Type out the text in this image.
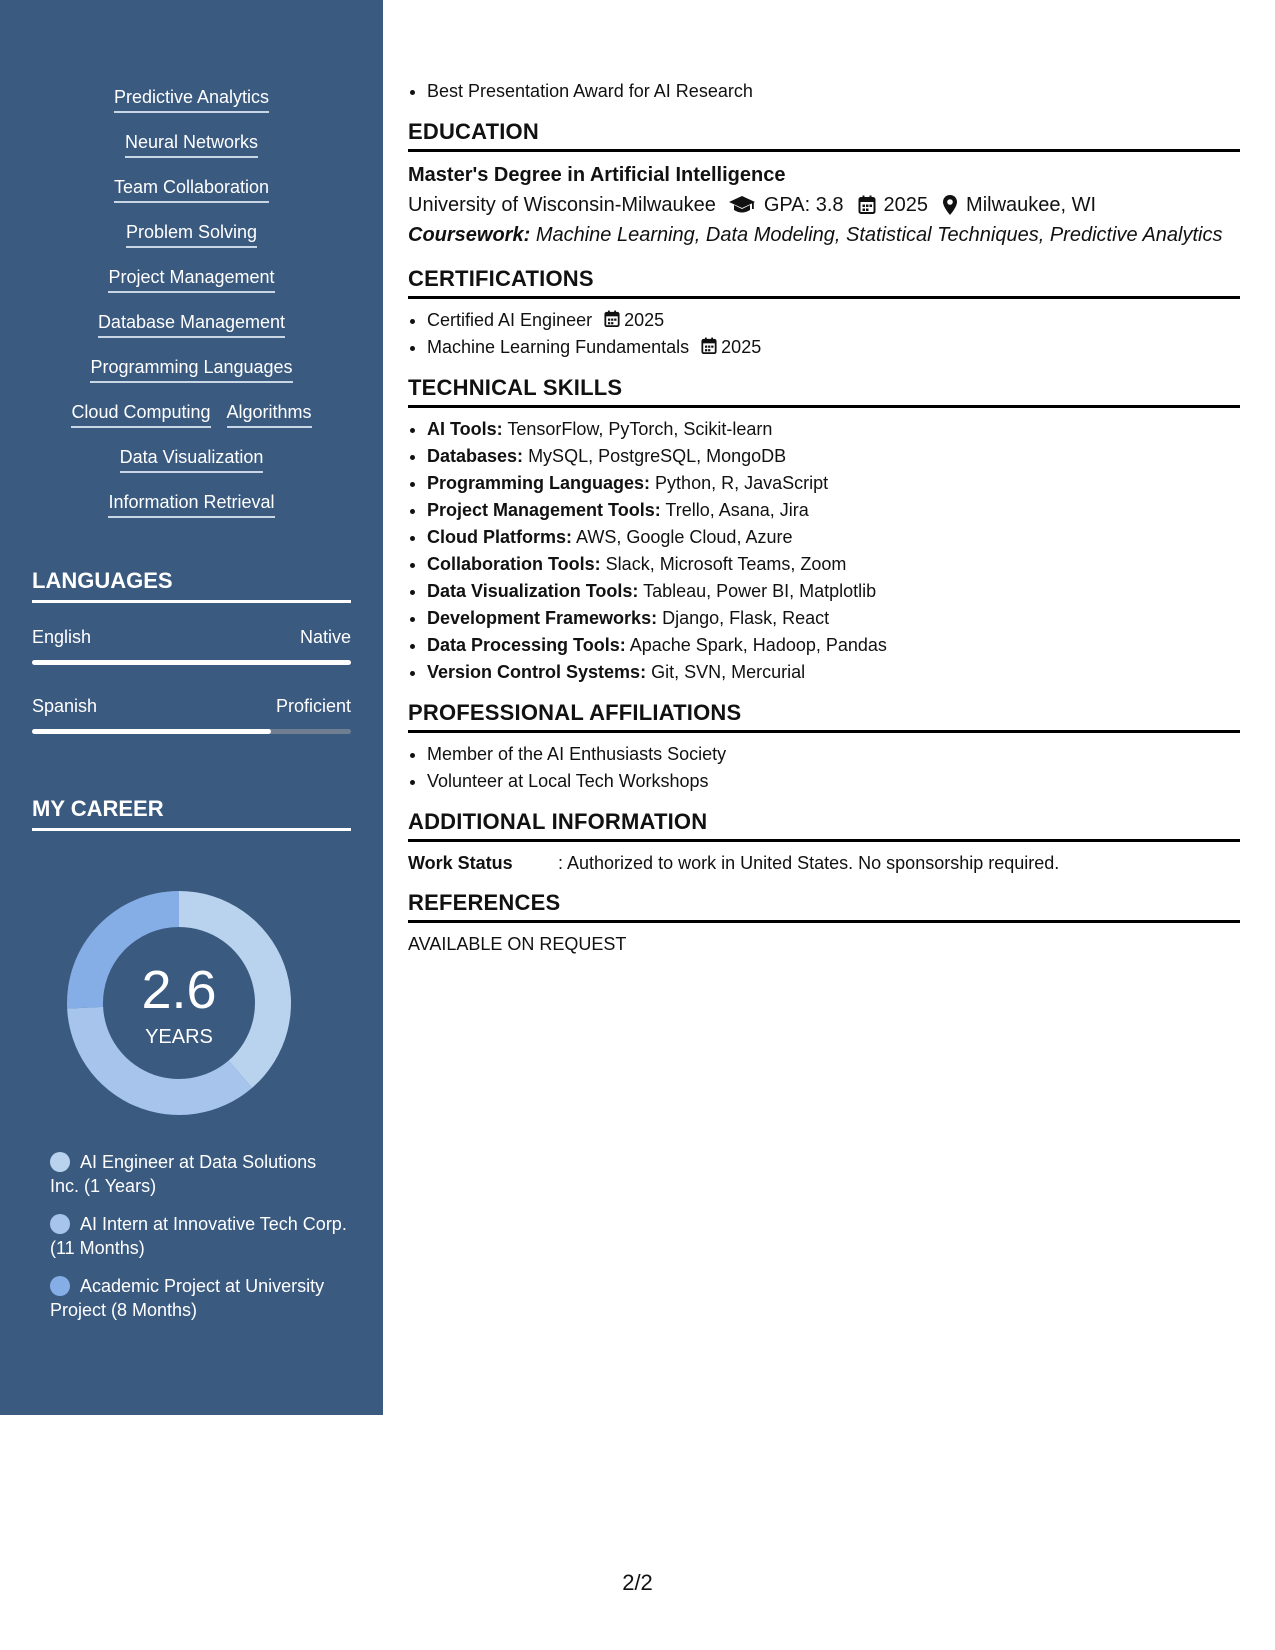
Predictive Analytics
Neural Networks
Team Collaboration
Problem Solving
Project Management
Database Management
Programming Languages
Cloud Computing Algorithms
Data Visualization
Information Retrieval
LANGUAGES
English	Native
Spanish	Proficient
MY CAREER
2.6
YEARS
AI Engineer at Data Solutions Inc. (1 Years)
AI Intern at Innovative Tech Corp. (11 Months)
Academic Project at University Project (8 Months)
• Best Presentation Award for AI Research
EDUCATION
Master's Degree in Artificial Intelligence
University of Wisconsin-Milwaukee GPA: 3.8 2025 Milwaukee, WI
Coursework: Machine Learning, Data Modeling, Statistical Techniques, Predictive Analytics
CERTIFICATIONS
• Certified AI Engineer 2025
• Machine Learning Fundamentals 2025
TECHNICAL SKILLS
• AI Tools: TensorFlow, PyTorch, Scikit-learn
• Databases: MySQL, PostgreSQL, MongoDB
• Programming Languages: Python, R, JavaScript
• Project Management Tools: Trello, Asana, Jira
• Cloud Platforms: AWS, Google Cloud, Azure
• Collaboration Tools: Slack, Microsoft Teams, Zoom
• Data Visualization Tools: Tableau, Power BI, Matplotlib
• Development Frameworks: Django, Flask, React
• Data Processing Tools: Apache Spark, Hadoop, Pandas
• Version Control Systems: Git, SVN, Mercurial
PROFESSIONAL AFFILIATIONS
• Member of the AI Enthusiasts Society
• Volunteer at Local Tech Workshops
ADDITIONAL INFORMATION
Work Status	: Authorized to work in United States. No sponsorship required.
REFERENCES
AVAILABLE ON REQUEST
2/2
